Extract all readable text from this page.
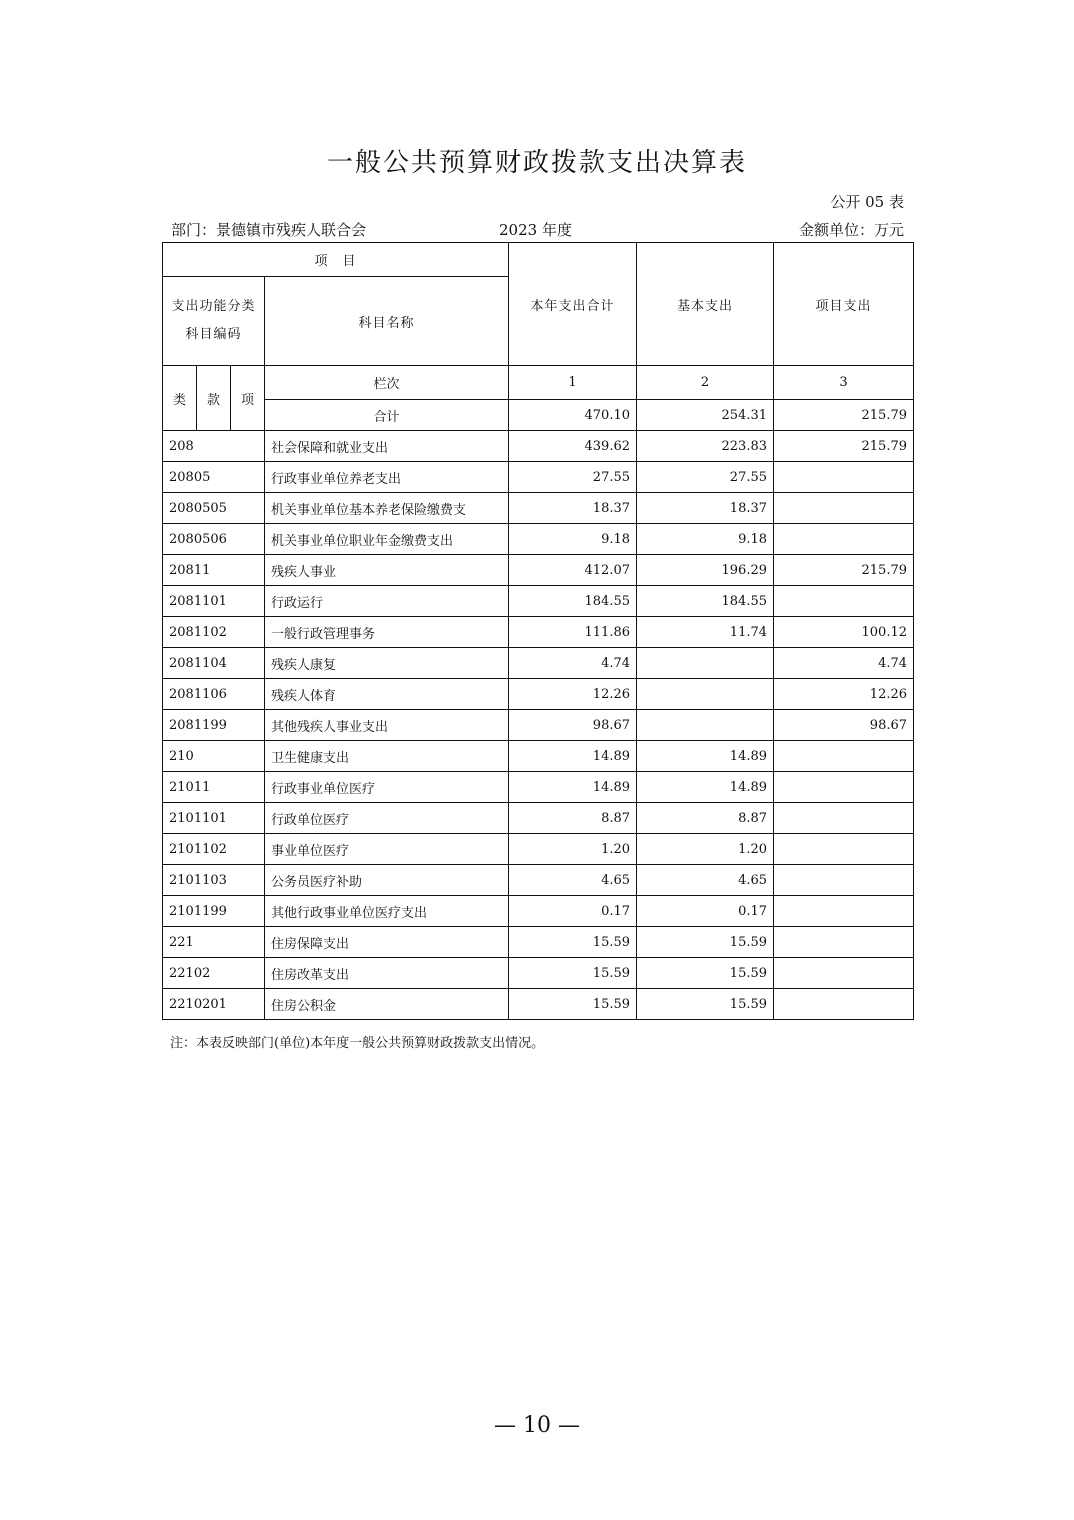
一般公共预算财政拨款支出决算表
公开 05 表
部门：景德镇市残疾人联合会	2023 年度	金额单位：万元
项　目				本年支出合计	基本支出	项目支出

支出功能分类
科目编码			科目名称			
类	款	项	栏次	1	2	3
			合计	470.10	254.31	215.79
208			社会保障和就业支出	439.62	223.83	215.79
20805			行政事业单位养老支出	27.55	27.55	
2080505			机关事业单位基本养老保险缴费支	18.37	18.37	
2080506			机关事业单位职业年金缴费支出	9.18	9.18	
20811			残疾人事业	412.07	196.29	215.79
2081101			行政运行	184.55	184.55	
2081102			一般行政管理事务	111.86	11.74	100.12
2081104			残疾人康复	4.74		4.74
2081106			残疾人体育	12.26		12.26
2081199			其他残疾人事业支出	98.67		98.67
210			卫生健康支出	14.89	14.89	
21011			行政事业单位医疗	14.89	14.89	
2101101			行政单位医疗	8.87	8.87	
2101102			事业单位医疗	1.20	1.20	
2101103			公务员医疗补助	4.65	4.65	
2101199			其他行政事业单位医疗支出	0.17	0.17	
221			住房保障支出	15.59	15.59	
22102			住房改革支出	15.59	15.59	
2210201			住房公积金	15.59	15.59	
注：本表反映部门(单位)本年度一般公共预算财政拨款支出情况。
— 10 —
